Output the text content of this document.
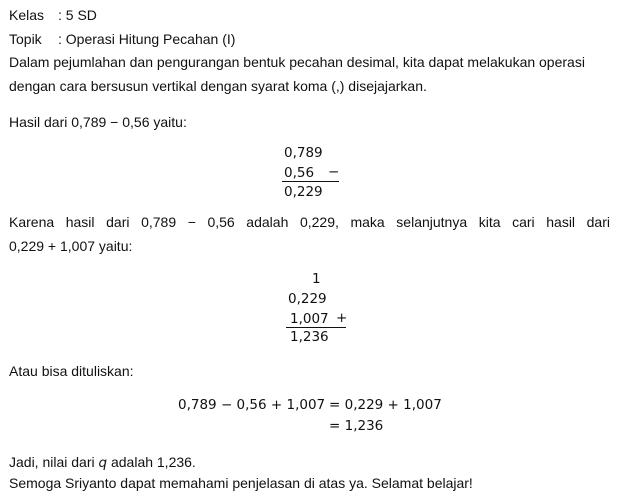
Kelas : 5 SD
Topik : Operasi Hitung Pecahan (I)
Dalam pejumlahan dan pengurangan bentuk pecahan desimal, kita dapat melakukan operasi
dengan cara bersusun vertikal dengan syarat koma (,) disejajarkan.
Hasil dari 0,789 − 0,56 yaitu:
0,789
0,56 −
0,229
Karena hasil dari 0,789 − 0,56 adalah 0,229, maka selanjutnya kita cari hasil dari
0,229 + 1,007 yaitu:
1
0,229
1,007 +
1,236
Atau bisa dituliskan:
0,789 − 0,56 + 1,007 = 0,229 + 1,007
= 1,236
Jadi, nilai dari q adalah 1,236.
Semoga Sriyanto dapat memahami penjelasan di atas ya. Selamat belajar!
